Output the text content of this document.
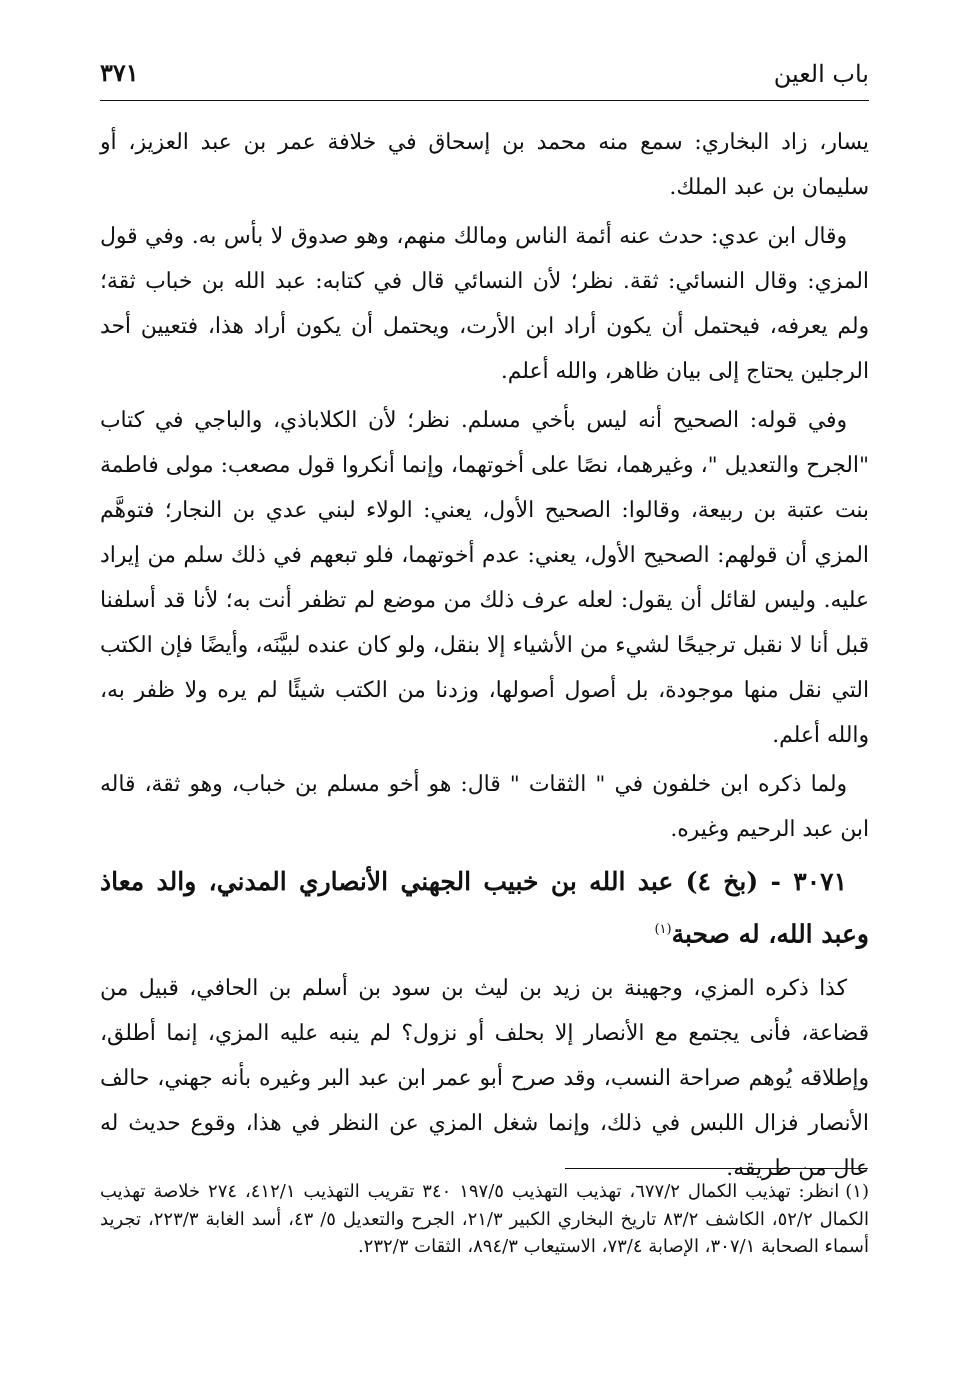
باب العين
٣٧١

يسار، زاد البخاري: سمع منه محمد بن إسحاق في خلافة عمر بن عبد العزيز، أو سليمان بن عبد الملك.

وقال ابن عدي: حدث عنه أئمة الناس ومالك منهم، وهو صدوق لا بأس به. وفي قول المزي: وقال النسائي: ثقة. نظر؛ لأن النسائي قال في كتابه: عبد الله بن خباب ثقة؛ ولم يعرفه، فيحتمل أن يكون أراد ابن الأرت، ويحتمل أن يكون أراد هذا، فتعيين أحد الرجلين يحتاج إلى بيان ظاهر، والله أعلم.

وفي قوله: الصحيح أنه ليس بأخي مسلم. نظر؛ لأن الكلاباذي، والباجي في كتاب "الجرح والتعديل "، وغيرهما، نصًا على أخوتهما، وإنما أنكروا قول مصعب: مولى فاطمة بنت عتبة بن ربيعة، وقالوا: الصحيح الأول، يعني: الولاء لبني عدي بن النجار؛ فتوهَّم المزي أن قولهم: الصحيح الأول، يعني: عدم أخوتهما، فلو تبعهم في ذلك سلم من إيراد عليه. وليس لقائل أن يقول: لعله عرف ذلك من موضع لم تظفر أنت به؛ لأنا قد أسلفنا قبل أنا لا نقبل ترجيحًا لشيء من الأشياء إلا بنقل، ولو كان عنده لبيَّنَه، وأيضًا فإن الكتب التي نقل منها موجودة، بل أصول أصولها، وزدنا من الكتب شيئًا لم يره ولا ظفر به، والله أعلم.

ولما ذكره ابن خلفون في " الثقات " قال: هو أخو مسلم بن خباب، وهو ثقة، قاله ابن عبد الرحيم وغيره.

٣٠٧١ - (بخ ٤) عبد الله بن خبيب الجهني الأنصاري المدني، والد معاذ وعبد الله، له صحبة$^{(١)}$

كذا ذكره المزي، وجهينة بن زيد بن ليث بن سود بن أسلم بن الحافي، قبيل من قضاعة، فأنى يجتمع مع الأنصار إلا بحلف أو نزول؟ لم ينبه عليه المزي، إنما أطلق، وإطلاقه يُوهم صراحة النسب، وقد صرح أبو عمر ابن عبد البر وغيره بأنه جهني، حالف الأنصار فزال اللبس في ذلك، وإنما شغل المزي عن النظر في هذا، وقوع حديث له عال من طريقه.

(١)انظر: تهذيب الكمال ٦٧٧/٢، تهذيب التهذيب ١٩٧/٥ ٣٤٠ تقريب التهذيب ٤١٢/١، ٢٧٤ خلاصة تهذيب الكمال ٥٢/٢، الكاشف ٨٣/٢ تاريخ البخاري الكبير ٢١/٣، الجرح والتعديل ٥/ ٤٣، أسد الغابة ٢٢٣/٣، تجريد أسماء الصحابة ٣٠٧/١، الإصابة ٧٣/٤، الاستيعاب ٨٩٤/٣، الثقات ٢٣٢/٣.
